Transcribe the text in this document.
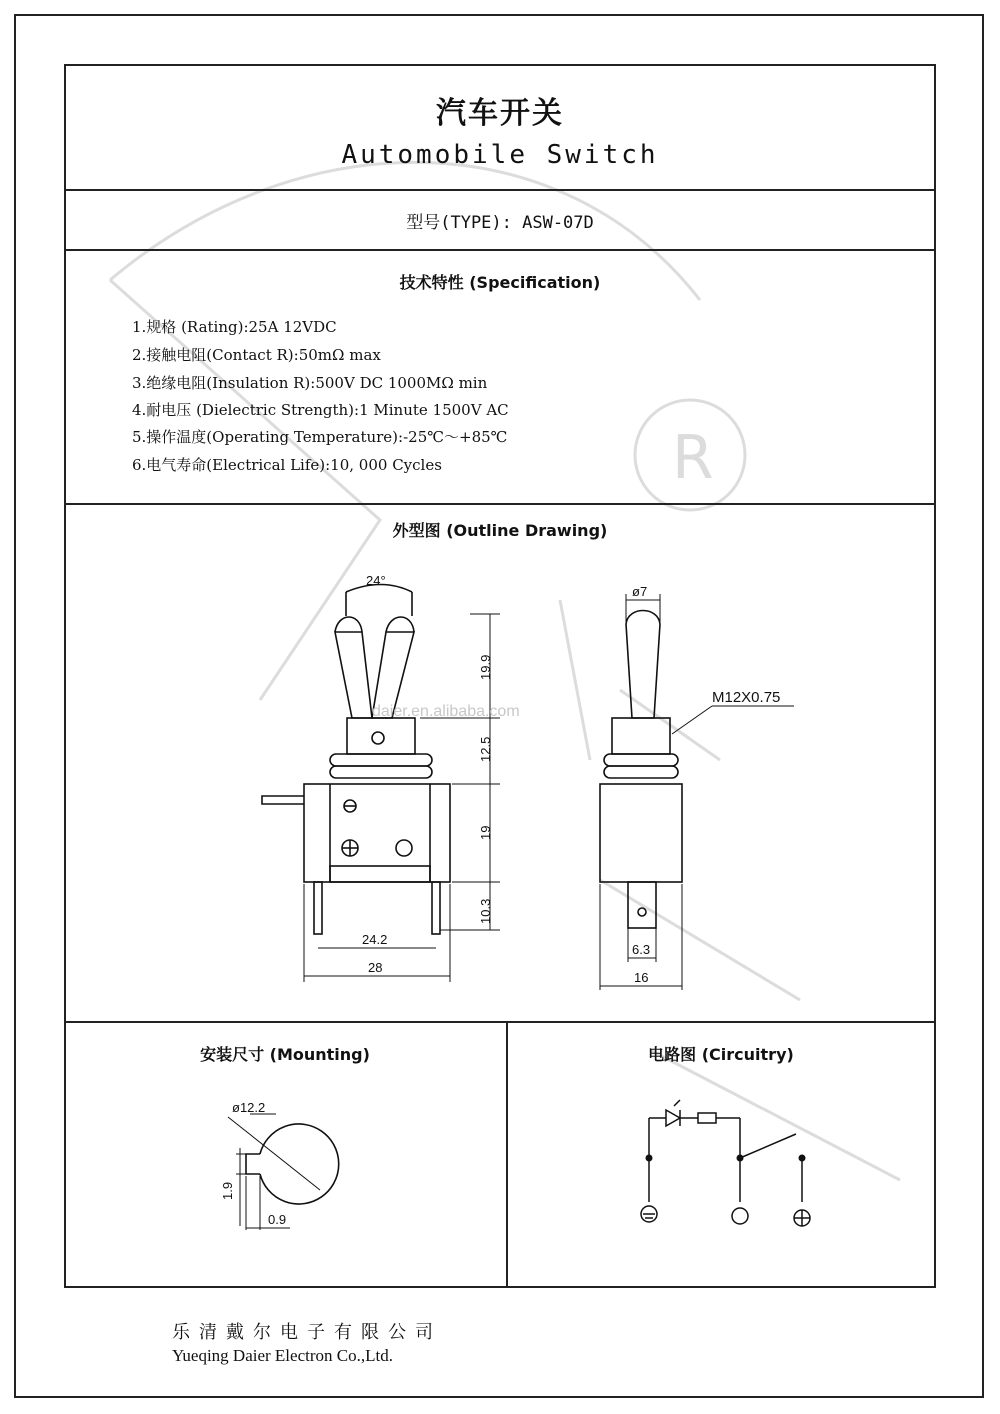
R
汽车开关
Automobile Switch
型号(TYPE): ASW-07D
技术特性 (Specification)
1.规格 (Rating):25A 12VDC
2.接触电阻(Contact R):50mΩ max
3.绝缘电阻(Insulation R):500V DC 1000MΩ min
4.耐电压 (Dielectric Strength):1 Minute 1500V AC
5.操作温度(Operating Temperature):-25℃～+85℃
6.电气寿命(Electrical Life):10, 000 Cycles
外型图 (Outline Drawing)
24°
19.9
12.5
19
10.3
24.2
28
ø7
M12X0.75
6.3
16
daier.en.alibaba.com
安装尺寸 (Mounting)
ø12.2
1.9
0.9
电路图 (Circuitry)
乐清戴尔电子有限公司
Yueqing Daier Electron Co.,Ltd.
